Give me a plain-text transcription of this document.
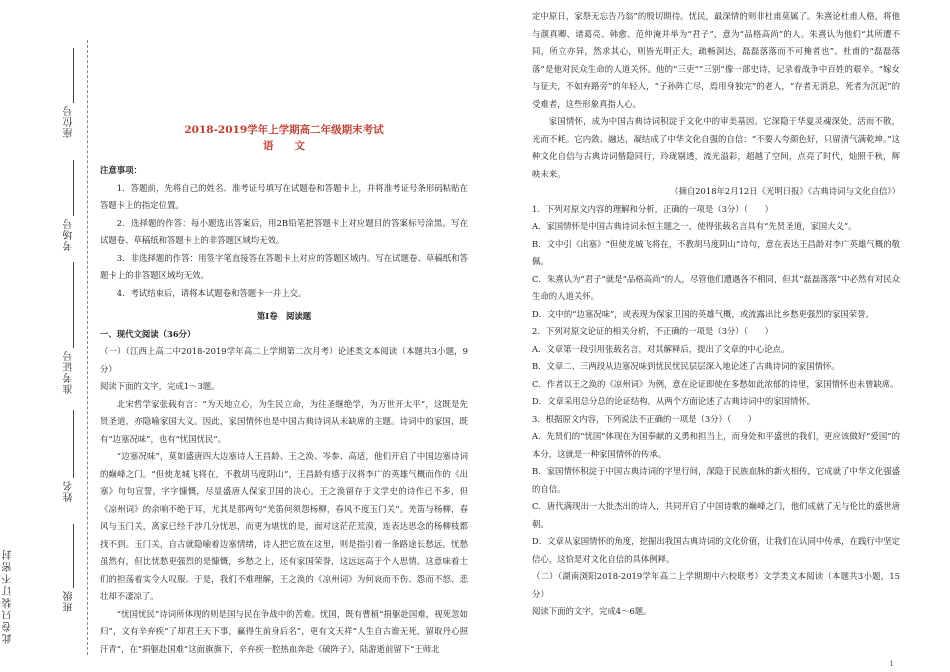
座位号
考场号
准考证号
姓名
班级
此卷只装订不密封

2018-2019学年上学期高二年级期末考试

语　　文

注意事项：

1．答题前，先将自己的姓名、准考证号填写在试题卷和答题卡上，并将准考证号条形码粘贴在答题卡上的指定位置。

2．选择题的作答：每小题选出答案后，用2B铅笔把答题卡上对应题目的答案标号涂黑。写在试题卷、草稿纸和答题卡上的非答题区域均无效。

3．非选择题的作答：用签字笔直接答在答题卡上对应的答题区域内。写在试题卷、草稿纸和答题卡上的非答题区域均无效。

4．考试结束后，请将本试题卷和答题卡一并上交。

第Ⅰ卷　阅读题

一、现代文阅读（36分）

（一）（江西上高二中2018-2019学年高二上学期第二次月考）论述类文本阅读（本题共3小题，9分）

阅读下面的文字，完成1～3题。

北宋哲学家张载有言：“为天地立心，为生民立命，为往圣继绝学，为万世开太平”，这既是先贤圣道，亦隐喻家国大义。因此，家国情怀也是中国古典诗词从未缺席的主题。诗词中的家国，既有“边塞况味”，也有“忧国忧民”。

“边塞况味”，莫如盛唐四大边塞诗人王昌龄、王之涣、岑参、高适，他们开启了中国边塞诗词的巅峰之门。“但使龙城飞将在，不教胡马度阴山”，王昌龄有感于汉将李广的英雄气概而作的《出塞》句句宣誓，字字慷慨，尽显盛唐人保家卫国的决心。王之涣留存于文学史的诗作已不多，但《凉州词》的余响不绝于耳，尤其是那两句“羌笛何须怨杨柳，春风不度玉门关”。羌笛与杨柳，春风与玉门关，离家已经千涉几分忧思，而更为堪忧的是，面对这茫茫荒漠，连表达思念的杨柳枝都找不到。玉门关，自古就隐喻着边塞情绪，诗人把它放在这里，则是指引着一条路途长愁远。忧愁虽然有，但比忧愁更强烈的是慷慨，乡愁之上，还有家国荣誉，这远远高于个人思情。这意味着士们的担荡着实令人叹服。于是，我们不难理解，王之涣的《凉州词》为何哀而不伤、怨而不怒、悲壮却不凄凉了。

“忧国忧民”诗词所体现的则是国与民在争战中的苦难。忧国，既有曹植“捐躯赴国难，视死忽如归”，文有辛弃疾“了却君王天下事，赢得生前身后名”，更有文天祥“人生自古谁无死，留取丹心照汗青”，在“捐躯赴国难”这面旗旗下，辛弃疾一腔热血奔赴《破阵子》，陆游逝前留下“王师北

定中原日，家祭无忘告乃翁”的殷切期待。忧民，最深情的则非杜甫莫属了。朱熹论杜甫人格，将他与颜真卿、诸葛亮、韩愈、范仲淹并举为“君子”，意为“品格高尚”的人。朱熹认为他们“其所遭不同，所立亦异，然求其心，则皆光明正大，疏畅洞达，磊磊落落而不可掩者也”。杜甫的“磊磊落落”是他对民众生命的人道关怀。他的“三吏”“三别”像一部史诗，记录着战争中百姓的艰辛。“嫁女与征夫，不如弃路旁”的年轻人，“子孙阵亡尽，焉用身独完”的老人，“存者无消息，死者为沉泥”的受难者，这些形象真指人心。

家国情怀，成为中国古典诗词积淀于文化中的审美基因。它深隐于华夏灵魂深处，活而不散，光而不耗。它内敛、融达，凝结成了中华文化自强的自信：“不要人夸颜色好，只留清气满乾坤。”这种文化自信与古典诗词偕隐同行，玲珑剔透，流光溢彩，超越了空间，点亮了时代，灿照千秋，辉映未来。

（摘自2018年2月12日《光明日报》《古典诗词与文化自信》）

1．下列对原文内容的理解和分析，正确的一项是（3分）（　　）

A．家国情怀是中国古典诗词永恒主题之一，使得张载名言具有“先贤圣道，家国大义”。

B．文中引《出塞》“但使龙城飞将在，不教胡马度阴山”诗句，意在表达王昌龄对李广英雄气概的敬佩。

C．朱熹认为“君子”就是“品格高尚”的人，尽管他们遭遇各不相同，但其“磊磊落落”中必然有对民众生命的人道关怀。

D．文中的“边塞况味”，或表现为保家卫国的英雄气概，或流露出比乡愁更强烈的家国荣誉。

2．下列对原文论证的相关分析，不正确的一项是（3分）（　　）

A．文章第一段引用张载名言，对其解释后，提出了文章的中心论点。

B．文章二、三两段从边塞况味到忧民忧民层层深入地论述了古典诗词的家国情怀。

C．作者以王之涣的《凉州词》为例，意在论证即使在多愁如此浓郁的诗里，家国情怀也未曾缺席。

D．文章采用总分总的论证结构，从两个方面论述了古典诗词中的家国情怀。

3．根据原文内容，下列说法不正确的一项是（3分）（　　）

A．先贤们的“忧国”体现在为国奉献的义勇和担当上，而身处和平盛世的我们，更应该做好“爱国”的本分，这就是一种家国情怀的传承。

B．家国情怀积淀于中国古典诗词的字里行间，深隐于民族血脉的新火相传，它成就了中华文化强盛的自信。

C．唐代满现出一大批杰出的诗人，共同开启了中国诗歌的巅峰之门，他们成就了无与伦比的盛世唐朝。

D．文章从家国情怀的角度，挖掘出我国古典诗词的文化价值，让我们在认同中传承，在践行中坚定信心，这恰是对文化自信的具体例释。

（二）（湖南浏阳2018-2019学年高二上学期期中六校联考）文学类文本阅读（本题共3小题，15分）

阅读下面的文字，完成4～6题。

1
